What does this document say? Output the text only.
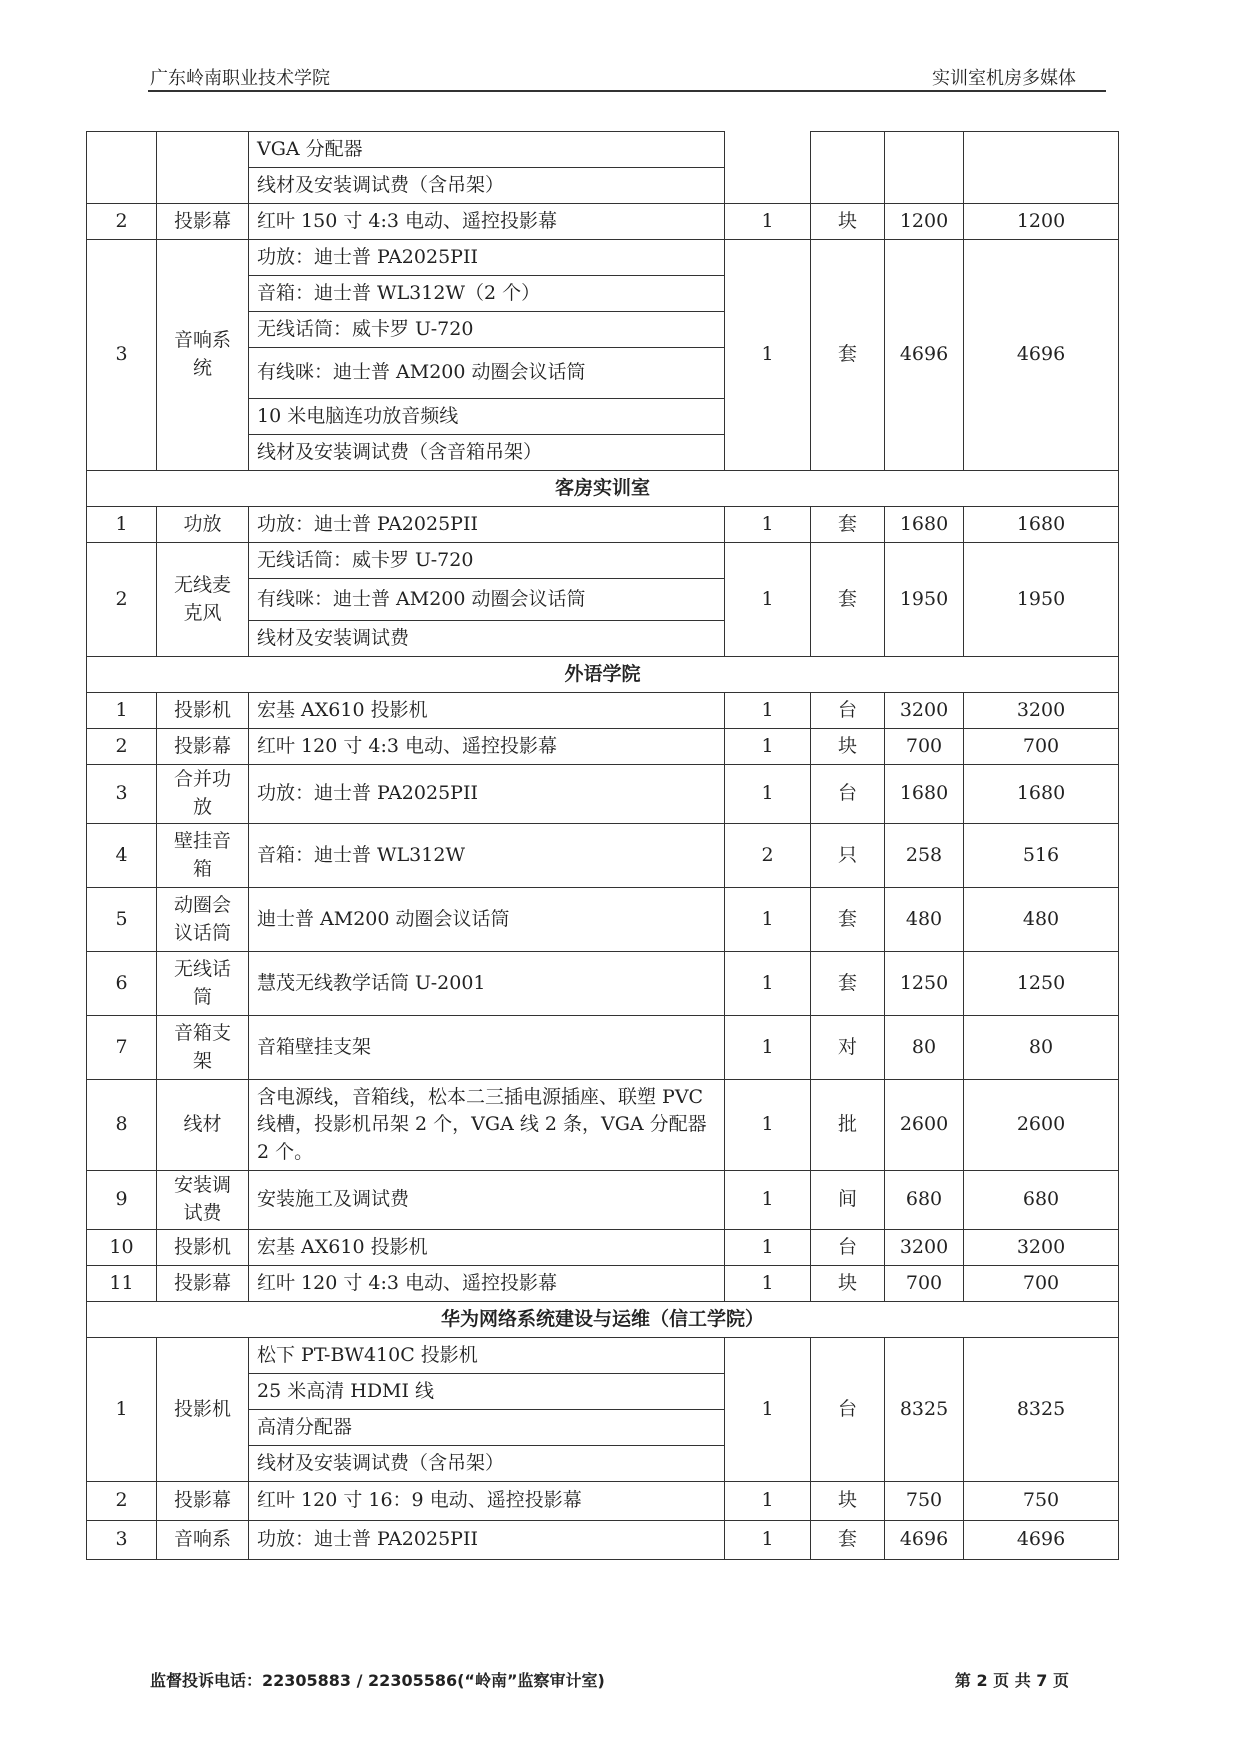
广东岭南职业技术学院	实训室机房多媒体
		VGA 分配器				
		线材及安装调试费（含吊架）				
2	投影幕	红叶 150 寸 4:3 电动、遥控投影幕	1	块	1200	1200
3	音响系统	功放：迪士普 PA2025PII	1	套	4696	4696
		音箱：迪士普 WL312W（2 个）				
		无线话筒：威卡罗 U-720				
		有线咪：迪士普 AM200 动圈会议话筒				
		10 米电脑连功放音频线				
		线材及安装调试费（含音箱吊架）				
客房实训室						
1	功放	功放：迪士普 PA2025PII	1	套	1680	1680
2	无线麦克风	无线话筒：威卡罗 U-720	1	套	1950	1950
		有线咪：迪士普 AM200 动圈会议话筒				
		线材及安装调试费				
外语学院						
1	投影机	宏基 AX610 投影机	1	台	3200	3200
2	投影幕	红叶 120 寸 4:3 电动、遥控投影幕	1	块	700	700
3	合并功放	功放：迪士普 PA2025PII	1	台	1680	1680
4	壁挂音箱	音箱：迪士普 WL312W	2	只	258	516
5	动圈会议话筒	迪士普 AM200 动圈会议话筒	1	套	480	480
6	无线话筒	慧茂无线教学话筒 U-2001	1	套	1250	1250
7	音箱支架	音箱壁挂支架	1	对	80	80
8	线材	含电源线，音箱线，松本二三插电源插座、联塑 PVC 线槽，投影机吊架 2 个，VGA 线 2 条，VGA 分配器 2 个。	1	批	2600	2600
9	安装调试费	安装施工及调试费	1	间	680	680
10	投影机	宏基 AX610 投影机	1	台	3200	3200
11	投影幕	红叶 120 寸 4:3 电动、遥控投影幕	1	块	700	700
华为网络系统建设与运维（信工学院）						
1	投影机	松下 PT-BW410C 投影机	1	台	8325	8325
		25 米高清 HDMI 线				
		高清分配器				
		线材及安装调试费（含吊架）				
2	投影幕	红叶 120 寸 16：9 电动、遥控投影幕	1	块	750	750
3	音响系	功放：迪士普 PA2025PII	1	套	4696	4696
监督投诉电话：22305883 / 22305586(“岭南”监察审计室)	第 2 页 共 7 页
